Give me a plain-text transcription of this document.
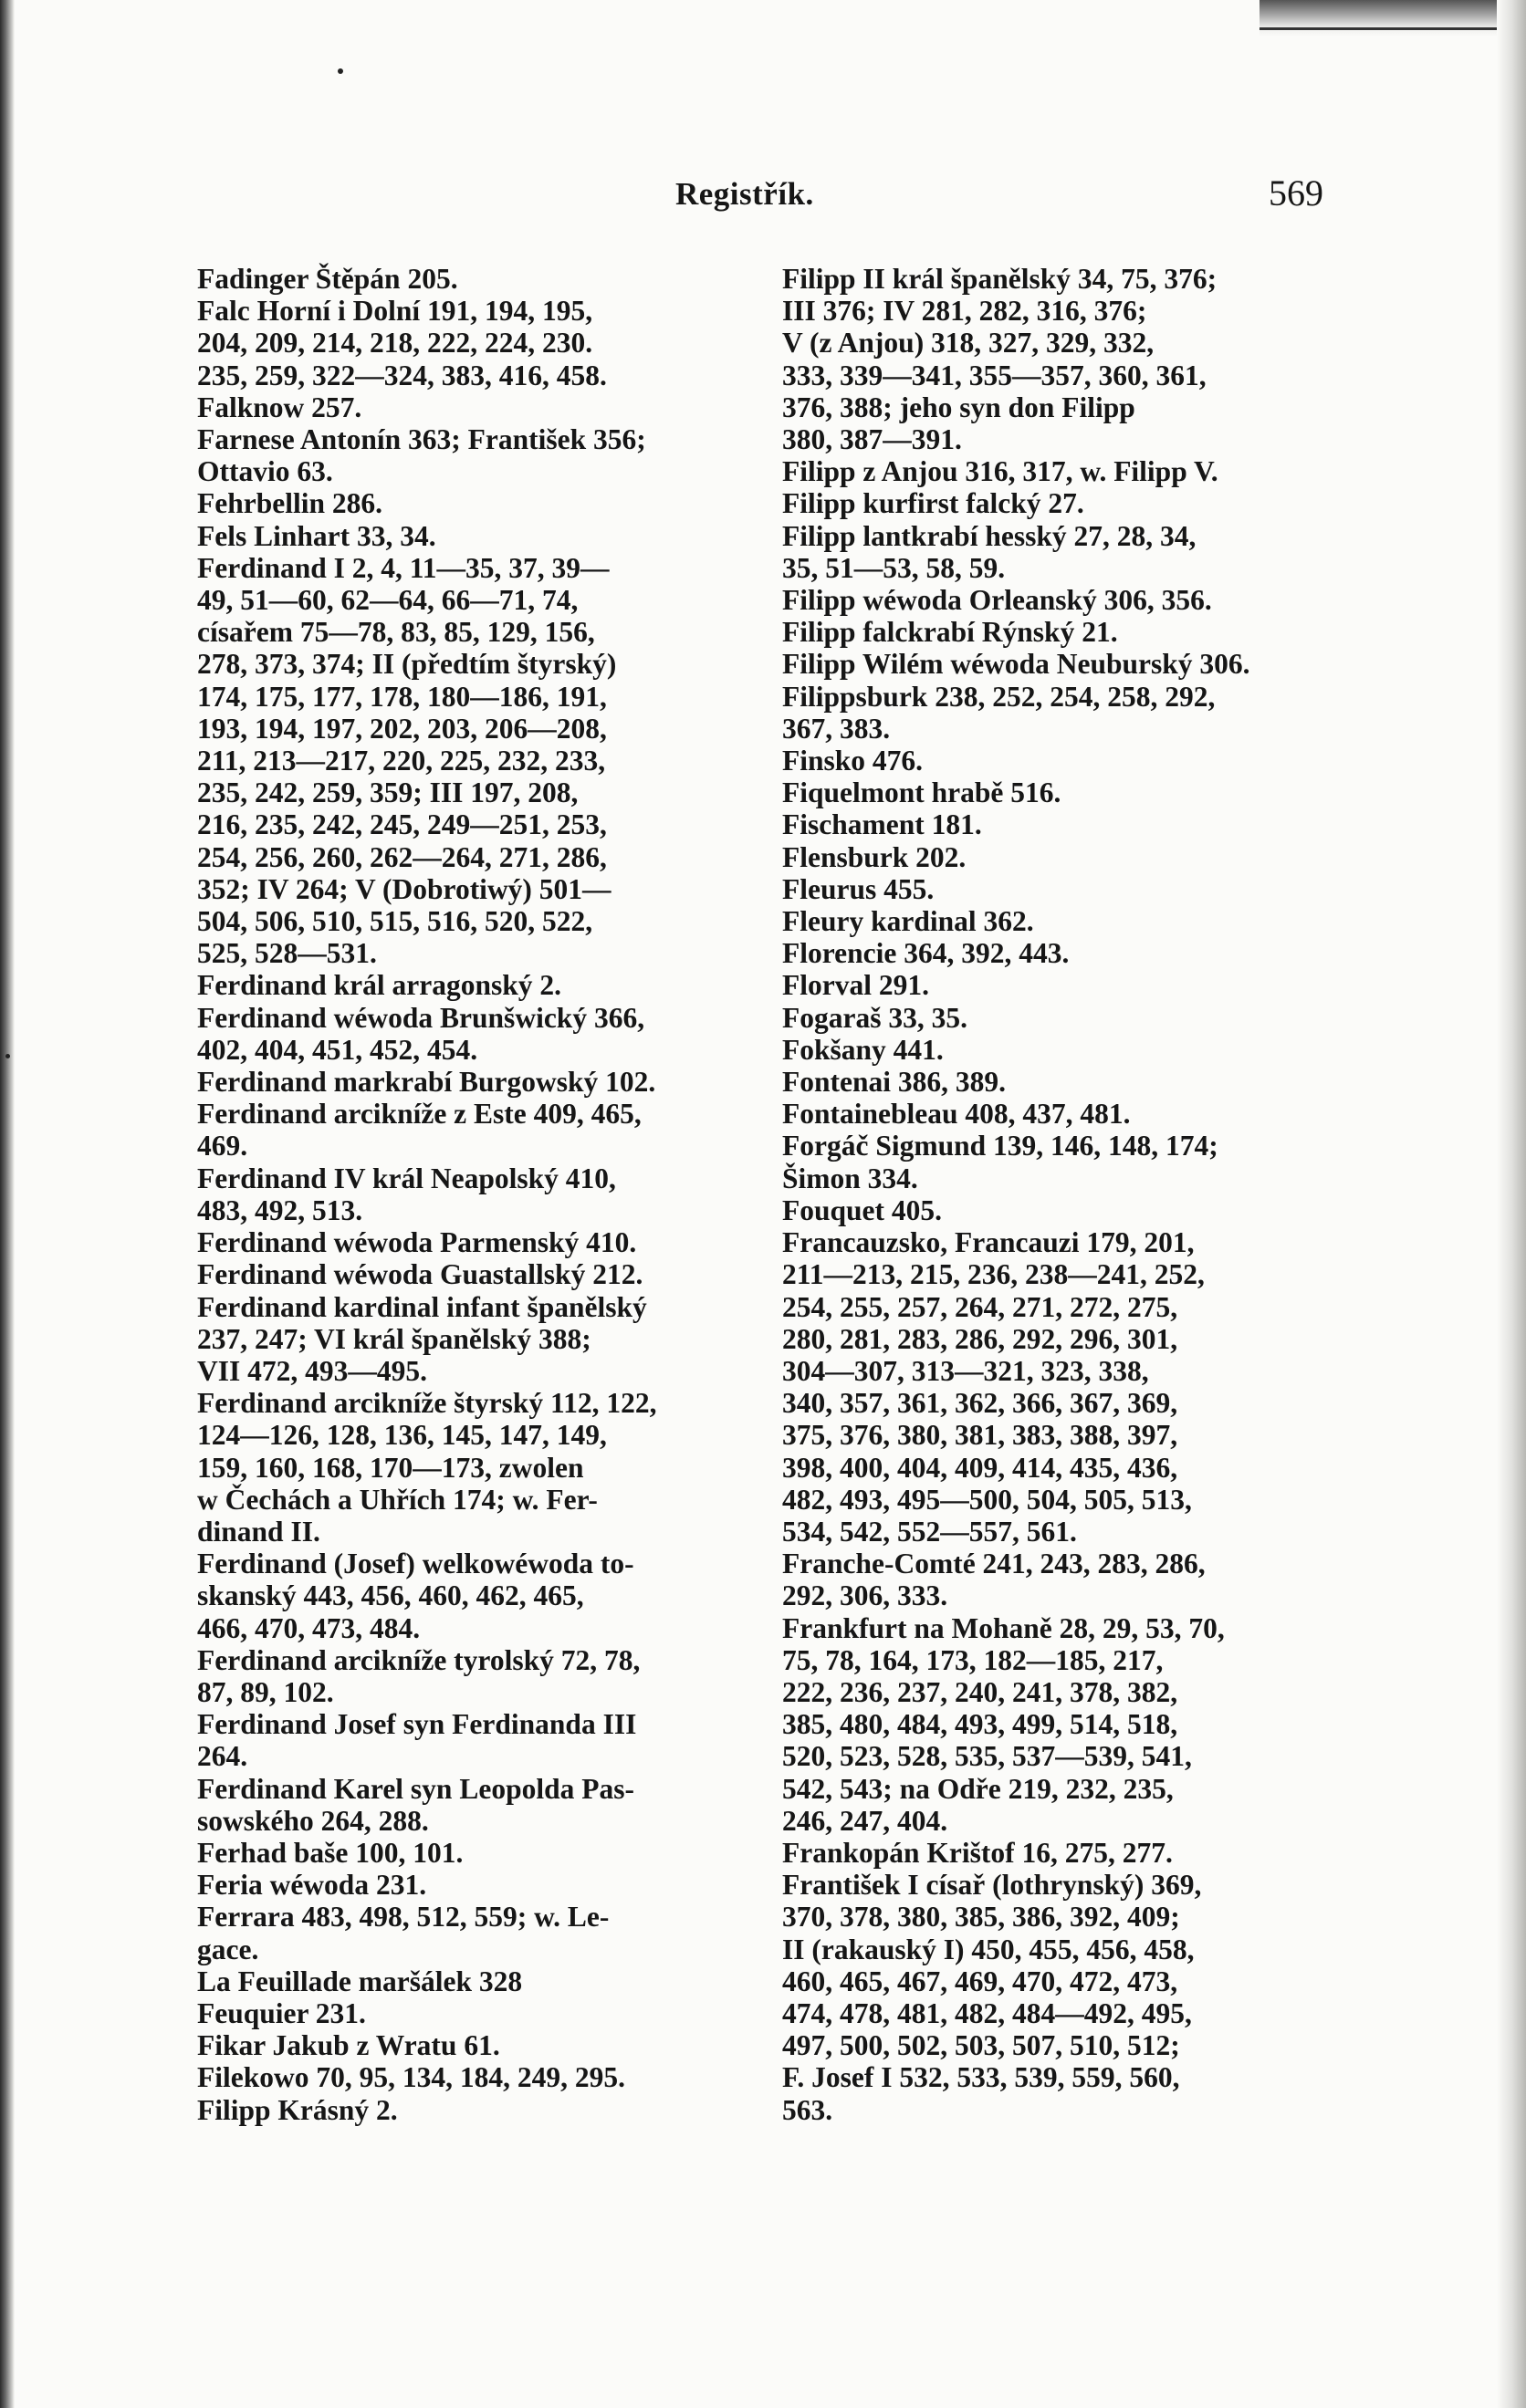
Registřík.	569
Fadinger Štěpán 205.
Falc Horní i Dolní 191, 194, 195,
204, 209, 214, 218, 222, 224, 230.
235, 259, 322—324, 383, 416, 458.
Falknow 257.
Farnese Antonín 363; František 356;
Ottavio 63.
Fehrbellin 286.
Fels Linhart 33, 34.
Ferdinand I 2, 4, 11—35, 37, 39—
49, 51—60, 62—64, 66—71, 74,
císařem 75—78, 83, 85, 129, 156,
278, 373, 374; II (předtím štyrský)
174, 175, 177, 178, 180—186, 191,
193, 194, 197, 202, 203, 206—208,
211, 213—217, 220, 225, 232, 233,
235, 242, 259, 359; III 197, 208,
216, 235, 242, 245, 249—251, 253,
254, 256, 260, 262—264, 271, 286,
352; IV 264; V (Dobrotiwý) 501—
504, 506, 510, 515, 516, 520, 522,
525, 528—531.
Ferdinand král arragonský 2.
Ferdinand wéwoda Brunšwický 366,
402, 404, 451, 452, 454.
Ferdinand markrabí Burgowský 102.
Ferdinand arcikníže z Este 409, 465,
469.
Ferdinand IV král Neapolský 410,
483, 492, 513.
Ferdinand wéwoda Parmenský 410.
Ferdinand wéwoda Guastallský 212.
Ferdinand kardinal infant španělský
237, 247; VI král španělský 388;
VII 472, 493—495.
Ferdinand arcikníže štyrský 112, 122,
124—126, 128, 136, 145, 147, 149,
159, 160, 168, 170—173, zwolen
w Čechách a Uhřích 174; w. Fer-
dinand II.
Ferdinand (Josef) welkowéwoda to-
skanský 443, 456, 460, 462, 465,
466, 470, 473, 484.
Ferdinand arcikníže tyrolský 72, 78,
87, 89, 102.
Ferdinand Josef syn Ferdinanda III
264.
Ferdinand Karel syn Leopolda Pas-
sowského 264, 288.
Ferhad baše 100, 101.
Feria wéwoda 231.
Ferrara 483, 498, 512, 559; w. Le-
gace.
La Feuillade maršálek 328
Feuquier 231.
Fikar Jakub z Wratu 61.
Filekowo 70, 95, 134, 184, 249, 295.
Filipp Krásný 2.
Filipp II král španělský 34, 75, 376;
III 376; IV 281, 282, 316, 376;
V (z Anjou) 318, 327, 329, 332,
333, 339—341, 355—357, 360, 361,
376, 388; jeho syn don Filipp
380, 387—391.
Filipp z Anjou 316, 317, w. Filipp V.
Filipp kurfirst falcký 27.
Filipp lantkrabí hesský 27, 28, 34,
35, 51—53, 58, 59.
Filipp wéwoda Orleanský 306, 356.
Filipp falckrabí Rýnský 21.
Filipp Wilém wéwoda Neuburský 306.
Filippsburk 238, 252, 254, 258, 292,
367, 383.
Finsko 476.
Fiquelmont hrabě 516.
Fischament 181.
Flensburk 202.
Fleurus 455.
Fleury kardinal 362.
Florencie 364, 392, 443.
Florval 291.
Fogaraš 33, 35.
Fokšany 441.
Fontenai 386, 389.
Fontainebleau 408, 437, 481.
Forgáč Sigmund 139, 146, 148, 174;
Šimon 334.
Fouquet 405.
Francauzsko, Francauzi 179, 201,
211—213, 215, 236, 238—241, 252,
254, 255, 257, 264, 271, 272, 275,
280, 281, 283, 286, 292, 296, 301,
304—307, 313—321, 323, 338,
340, 357, 361, 362, 366, 367, 369,
375, 376, 380, 381, 383, 388, 397,
398, 400, 404, 409, 414, 435, 436,
482, 493, 495—500, 504, 505, 513,
534, 542, 552—557, 561.
Franche-Comté 241, 243, 283, 286,
292, 306, 333.
Frankfurt na Mohaně 28, 29, 53, 70,
75, 78, 164, 173, 182—185, 217,
222, 236, 237, 240, 241, 378, 382,
385, 480, 484, 493, 499, 514, 518,
520, 523, 528, 535, 537—539, 541,
542, 543; na Odře 219, 232, 235,
246, 247, 404.
Frankopán Krištof 16, 275, 277.
František I císař (lothrynský) 369,
370, 378, 380, 385, 386, 392, 409;
II (rakauský I) 450, 455, 456, 458,
460, 465, 467, 469, 470, 472, 473,
474, 478, 481, 482, 484—492, 495,
497, 500, 502, 503, 507, 510, 512;
F. Josef I 532, 533, 539, 559, 560,
563.
